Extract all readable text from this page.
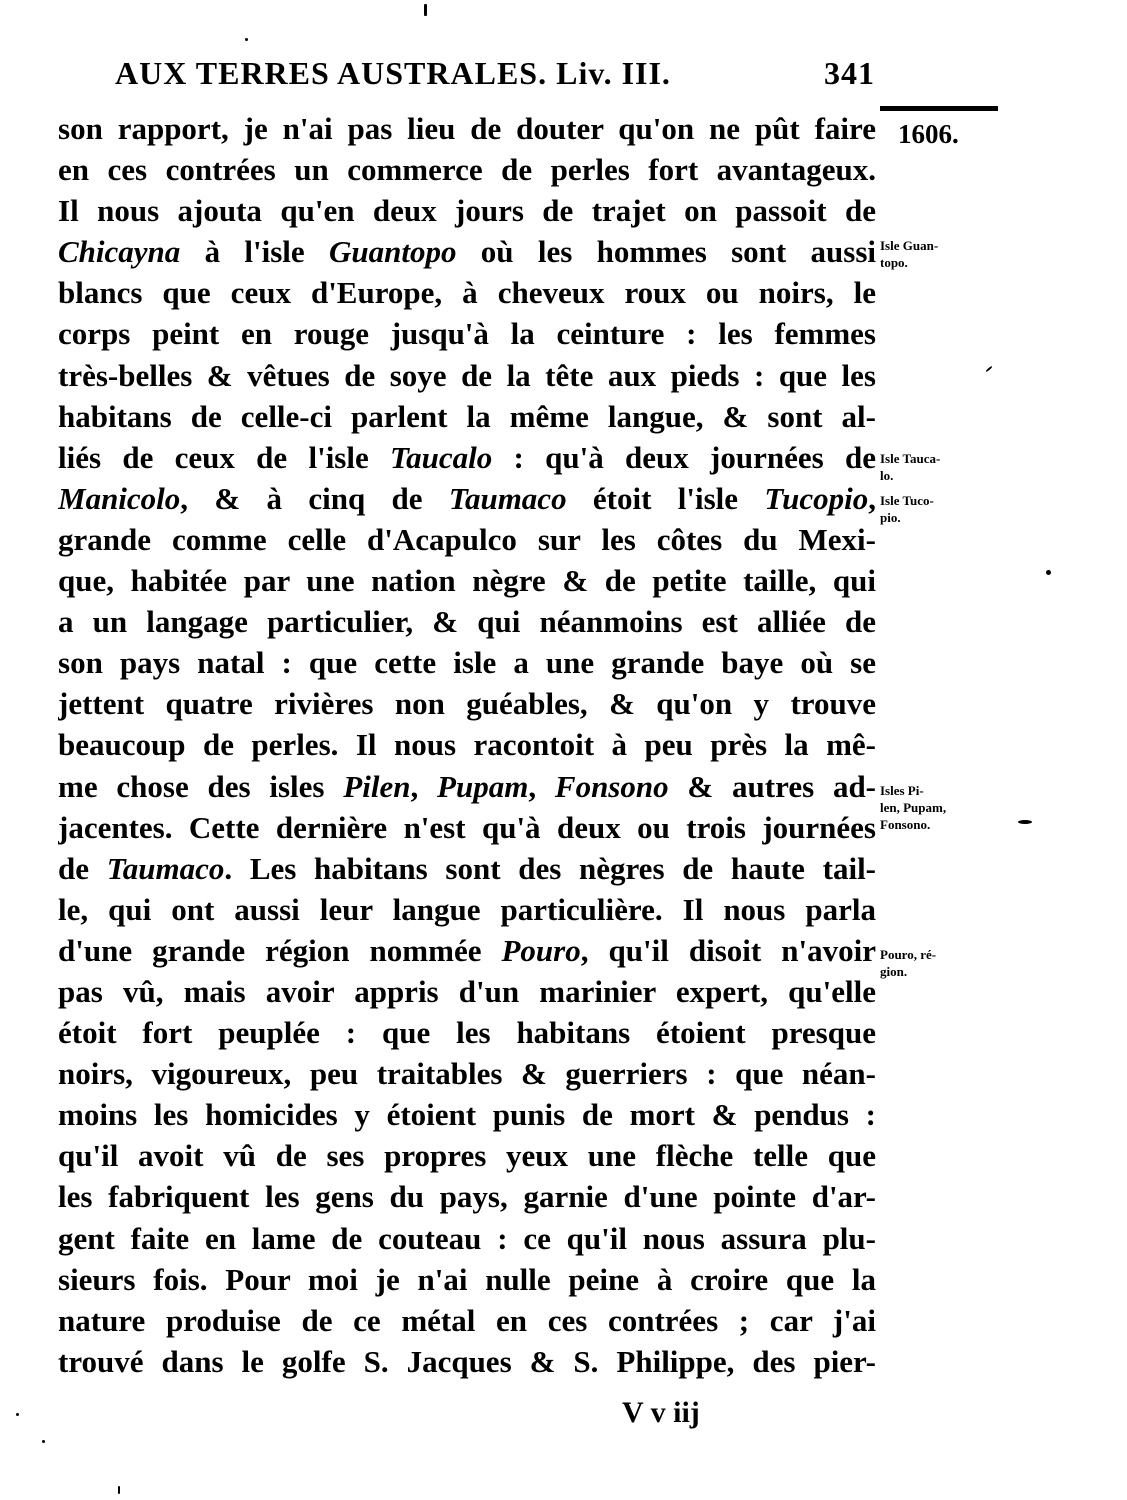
AUX TERRES AUSTRALES. Liv. III.	341
1606.
son rapport, je n'ai pas lieu de douter qu'on ne pût faire
en ces contrées un commerce de perles fort avantageux.
Il nous ajouta qu'en deux jours de trajet on passoit de
Chicayna à l'isle Guantopo où les hommes sont aussi
blancs que ceux d'Europe, à cheveux roux ou noirs, le
corps peint en rouge jusqu'à la ceinture : les femmes
très-belles & vêtues de soye de la tête aux pieds : que les
habitans de celle-ci parlent la même langue, & sont al-
liés de ceux de l'isle Taucalo : qu'à deux journées de
Manicolo, & à cinq de Taumaco étoit l'isle Tucopio,
grande comme celle d'Acapulco sur les côtes du Mexi-
que, habitée par une nation nègre & de petite taille, qui
a un langage particulier, & qui néanmoins est alliée de
son pays natal : que cette isle a une grande baye où se
jettent quatre rivières non guéables, & qu'on y trouve
beaucoup de perles. Il nous racontoit à peu près la mê-
me chose des isles Pilen, Pupam, Fonsono & autres ad-
jacentes. Cette dernière n'est qu'à deux ou trois journées
de Taumaco. Les habitans sont des nègres de haute tail-
le, qui ont aussi leur langue particulière. Il nous parla
d'une grande région nommée Pouro, qu'il disoit n'avoir
pas vû, mais avoir appris d'un marinier expert, qu'elle
étoit fort peuplée : que les habitans étoient presque
noirs, vigoureux, peu traitables & guerriers : que néan-
moins les homicides y étoient punis de mort & pendus :
qu'il avoit vû de ses propres yeux une flèche telle que
les fabriquent les gens du pays, garnie d'une pointe d'ar-
gent faite en lame de couteau : ce qu'il nous assura plu-
sieurs fois. Pour moi je n'ai nulle peine à croire que la
nature produise de ce métal en ces contrées ; car j'ai
trouvé dans le golfe S. Jacques & S. Philippe, des pier-
Isle Guan-
topo.
Isle Tauca-
lo.
Isle Tuco-
pio.
Isles Pi-
len, Pupam,
Fonsono.
Pouro, ré-
gion.
V v iij
